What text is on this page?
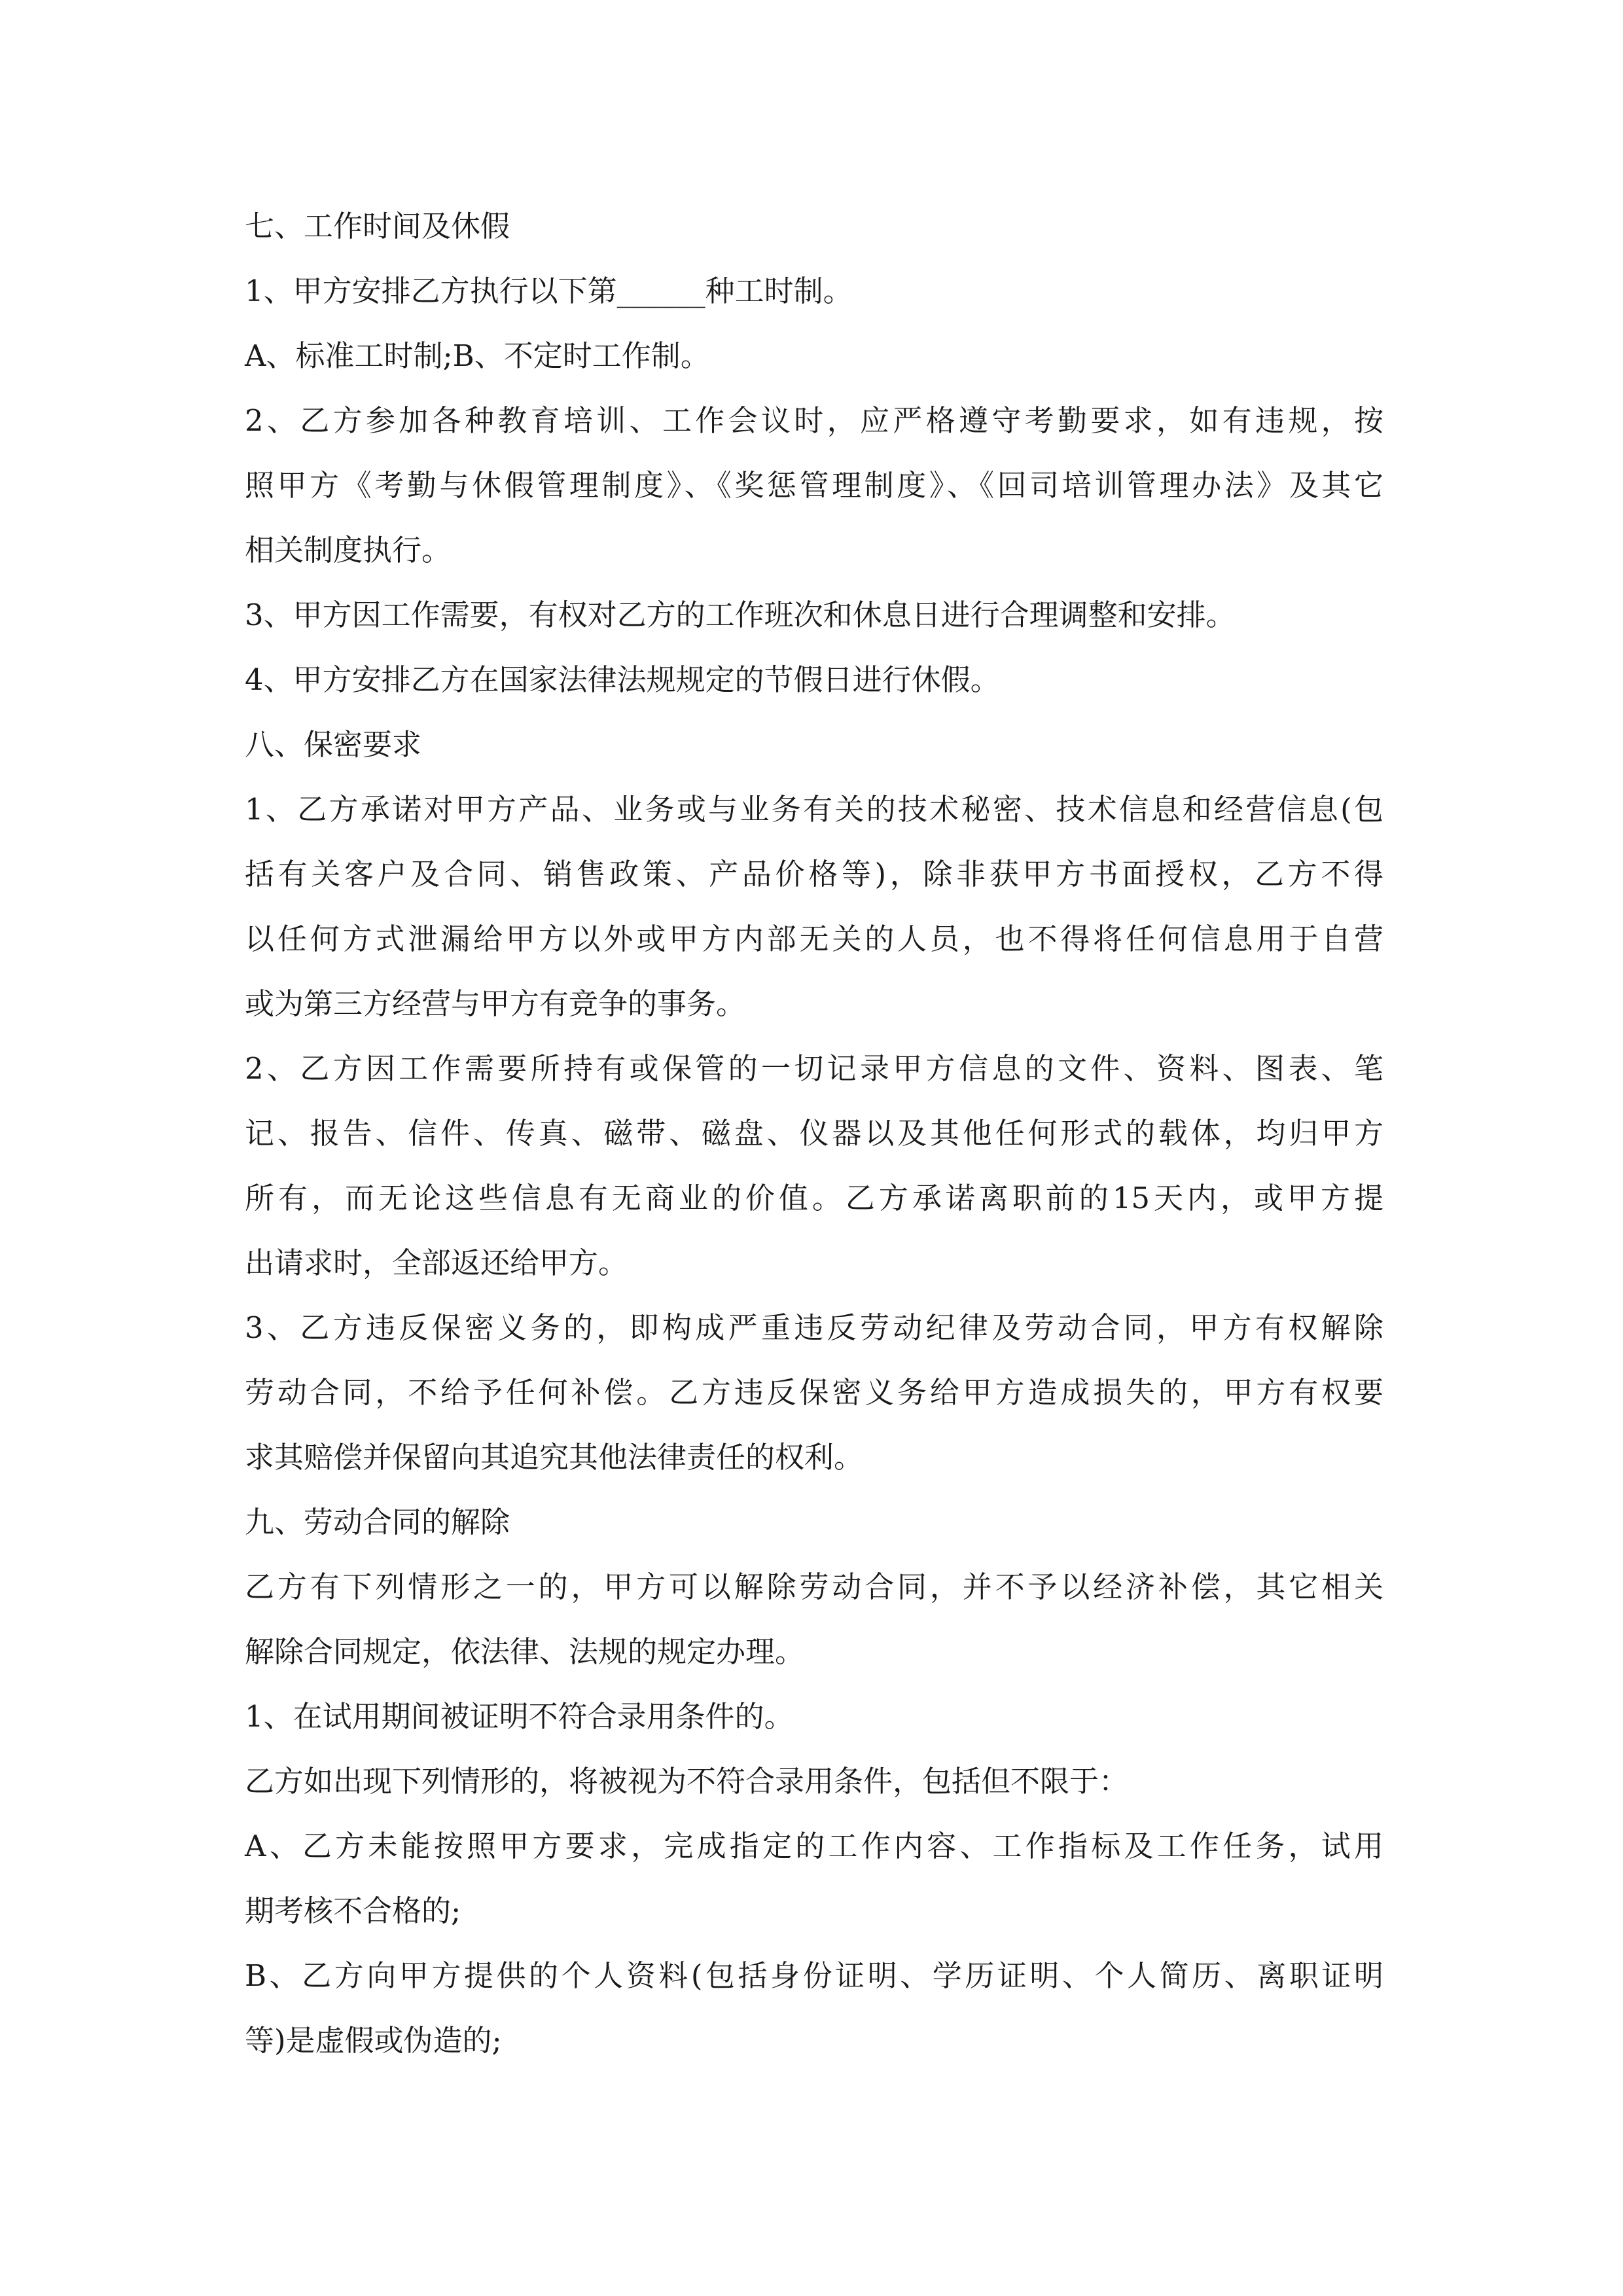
七、工作时间及休假
1、甲方安排乙方执行以下第______种工时制。
A、标准工时制;B、不定时工作制。
2、乙方参加各种教育培训、工作会议时，应严格遵守考勤要求，如有违规，按
照甲方《考勤与休假管理制度》、《奖惩管理制度》、《回司培训管理办法》及其它
相关制度执行。
3、甲方因工作需要，有权对乙方的工作班次和休息日进行合理调整和安排。
4、甲方安排乙方在国家法律法规规定的节假日进行休假。
八、保密要求
1、乙方承诺对甲方产品、业务或与业务有关的技术秘密、技术信息和经营信息(包
括有关客户及合同、销售政策、产品价格等)，除非获甲方书面授权，乙方不得
以任何方式泄漏给甲方以外或甲方内部无关的人员，也不得将任何信息用于自营
或为第三方经营与甲方有竞争的事务。
2、乙方因工作需要所持有或保管的一切记录甲方信息的文件、资料、图表、笔
记、报告、信件、传真、磁带、磁盘、仪器以及其他任何形式的载体，均归甲方
所有，而无论这些信息有无商业的价值。乙方承诺离职前的15天内，或甲方提
出请求时，全部返还给甲方。
3、乙方违反保密义务的，即构成严重违反劳动纪律及劳动合同，甲方有权解除
劳动合同，不给予任何补偿。乙方违反保密义务给甲方造成损失的，甲方有权要
求其赔偿并保留向其追究其他法律责任的权利。
九、劳动合同的解除
乙方有下列情形之一的，甲方可以解除劳动合同，并不予以经济补偿，其它相关
解除合同规定，依法律、法规的规定办理。
1、在试用期间被证明不符合录用条件的。
乙方如出现下列情形的，将被视为不符合录用条件，包括但不限于：
A、乙方未能按照甲方要求，完成指定的工作内容、工作指标及工作任务，试用
期考核不合格的;
B、乙方向甲方提供的个人资料(包括身份证明、学历证明、个人简历、离职证明
等)是虚假或伪造的;
